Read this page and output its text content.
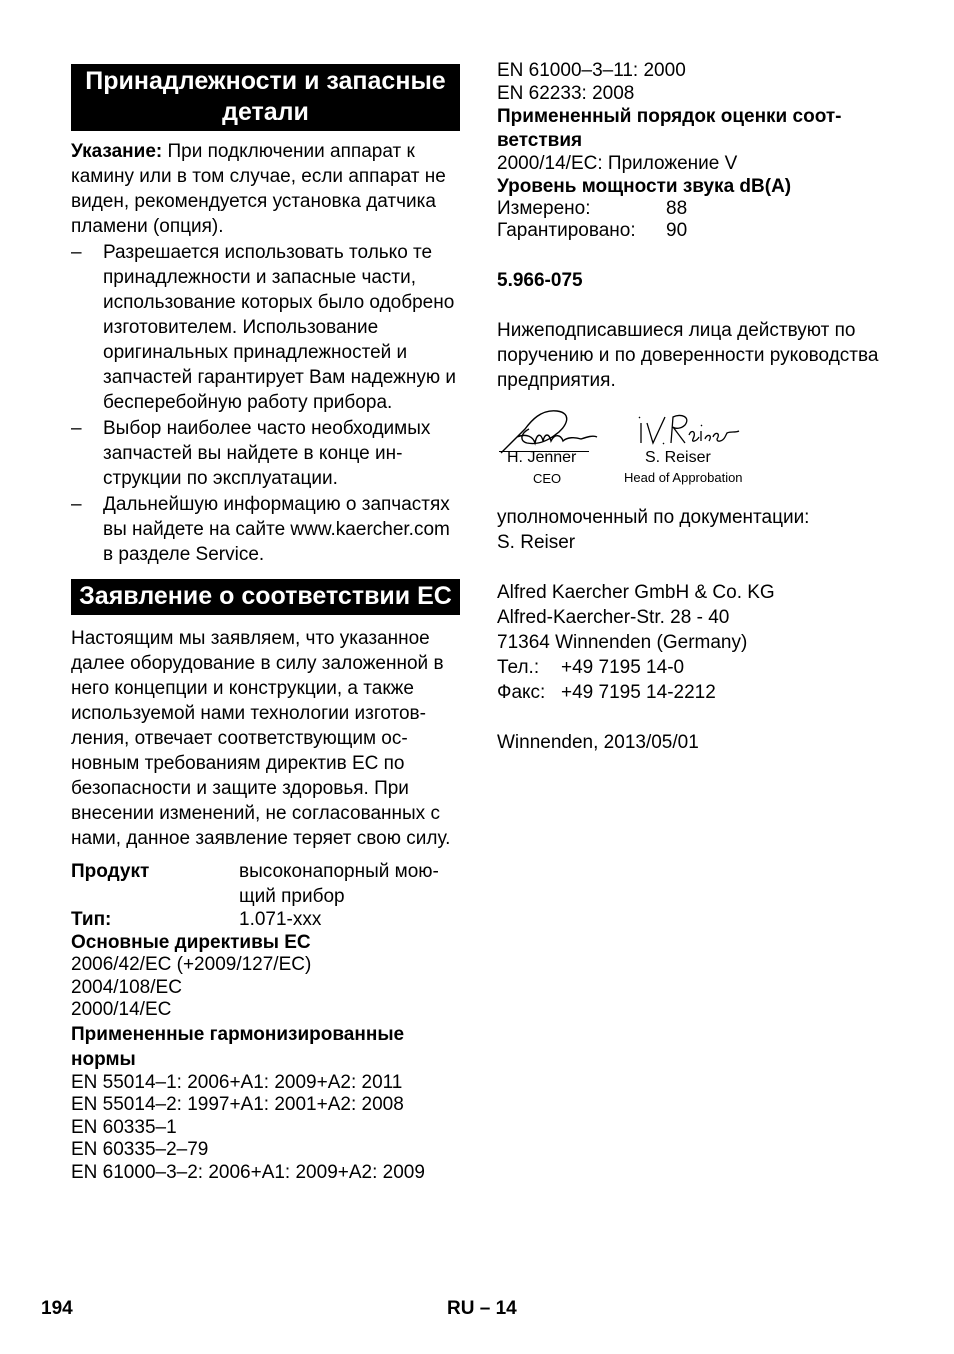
Принадлежности и запасные детали

Указание: При подключении аппарат к камину или в том случае, если аппарат не виден, рекомендуется установка датчика пламени (опция).

– Разрешается использовать только те принадлежности и запасные части, использование которых было одобрено изготовителем. Использование оригинальных принадлежностей и запчастей гарантирует Вам надежную и бесперебойную работу прибора.
– Выбор наиболее часто необходимых запчастей вы найдете в конце инструкции по эксплуатации.
– Дальнейшую информацию о запчастях вы найдете на сайте www.kaercher.com в разделе Service.
Заявление о соответствии ЕС

Настоящим мы заявляем, что указанное далее оборудование в силу заложенной в него концепции и конструкции, а также используемой нами технологии изготовления, отвечает соответствующим основным требованиям директив ЕС по безопасности и защите здоровья. При внесении изменений, не согласованных с нами, данное заявление теряет свою силу.

Продукт	высоконапорный моющий прибор
Тип:	1.071-xxx
Основные директивы ЕС
2006/42/EC (+2009/127/EC)
2004/108/EC
2000/14/EC
Примененные гармонизированные нормы
EN 55014–1: 2006+A1: 2009+A2: 2011
EN 55014–2: 1997+A1: 2001+A2: 2008
EN 60335–1
EN 60335–2–79
EN 61000–3–2: 2006+A1: 2009+A2: 2009
EN 61000–3–11: 2000
EN 62233: 2008
Примененный порядок оценки соответствия
2000/14/EC: Приложение V
Уровень мощности звука dB(A)
Измерено:	88
Гарантировано:	90
5.966-075

Нижеподписавшиеся лица действуют по поручению и по доверенности руководства предприятия.

H. Jenner
CEO
S. Reiser
Head of Approbation
уполномоченный по документации:
S. Reiser
Alfred Kaercher GmbH & Co. KG
Alfred-Kaercher-Str. 28 - 40
71364 Winnenden (Germany)
Тел.:	+49 7195 14-0
Факс: +49 7195 14-2212
Winnenden, 2013/05/01
194	RU – 14
